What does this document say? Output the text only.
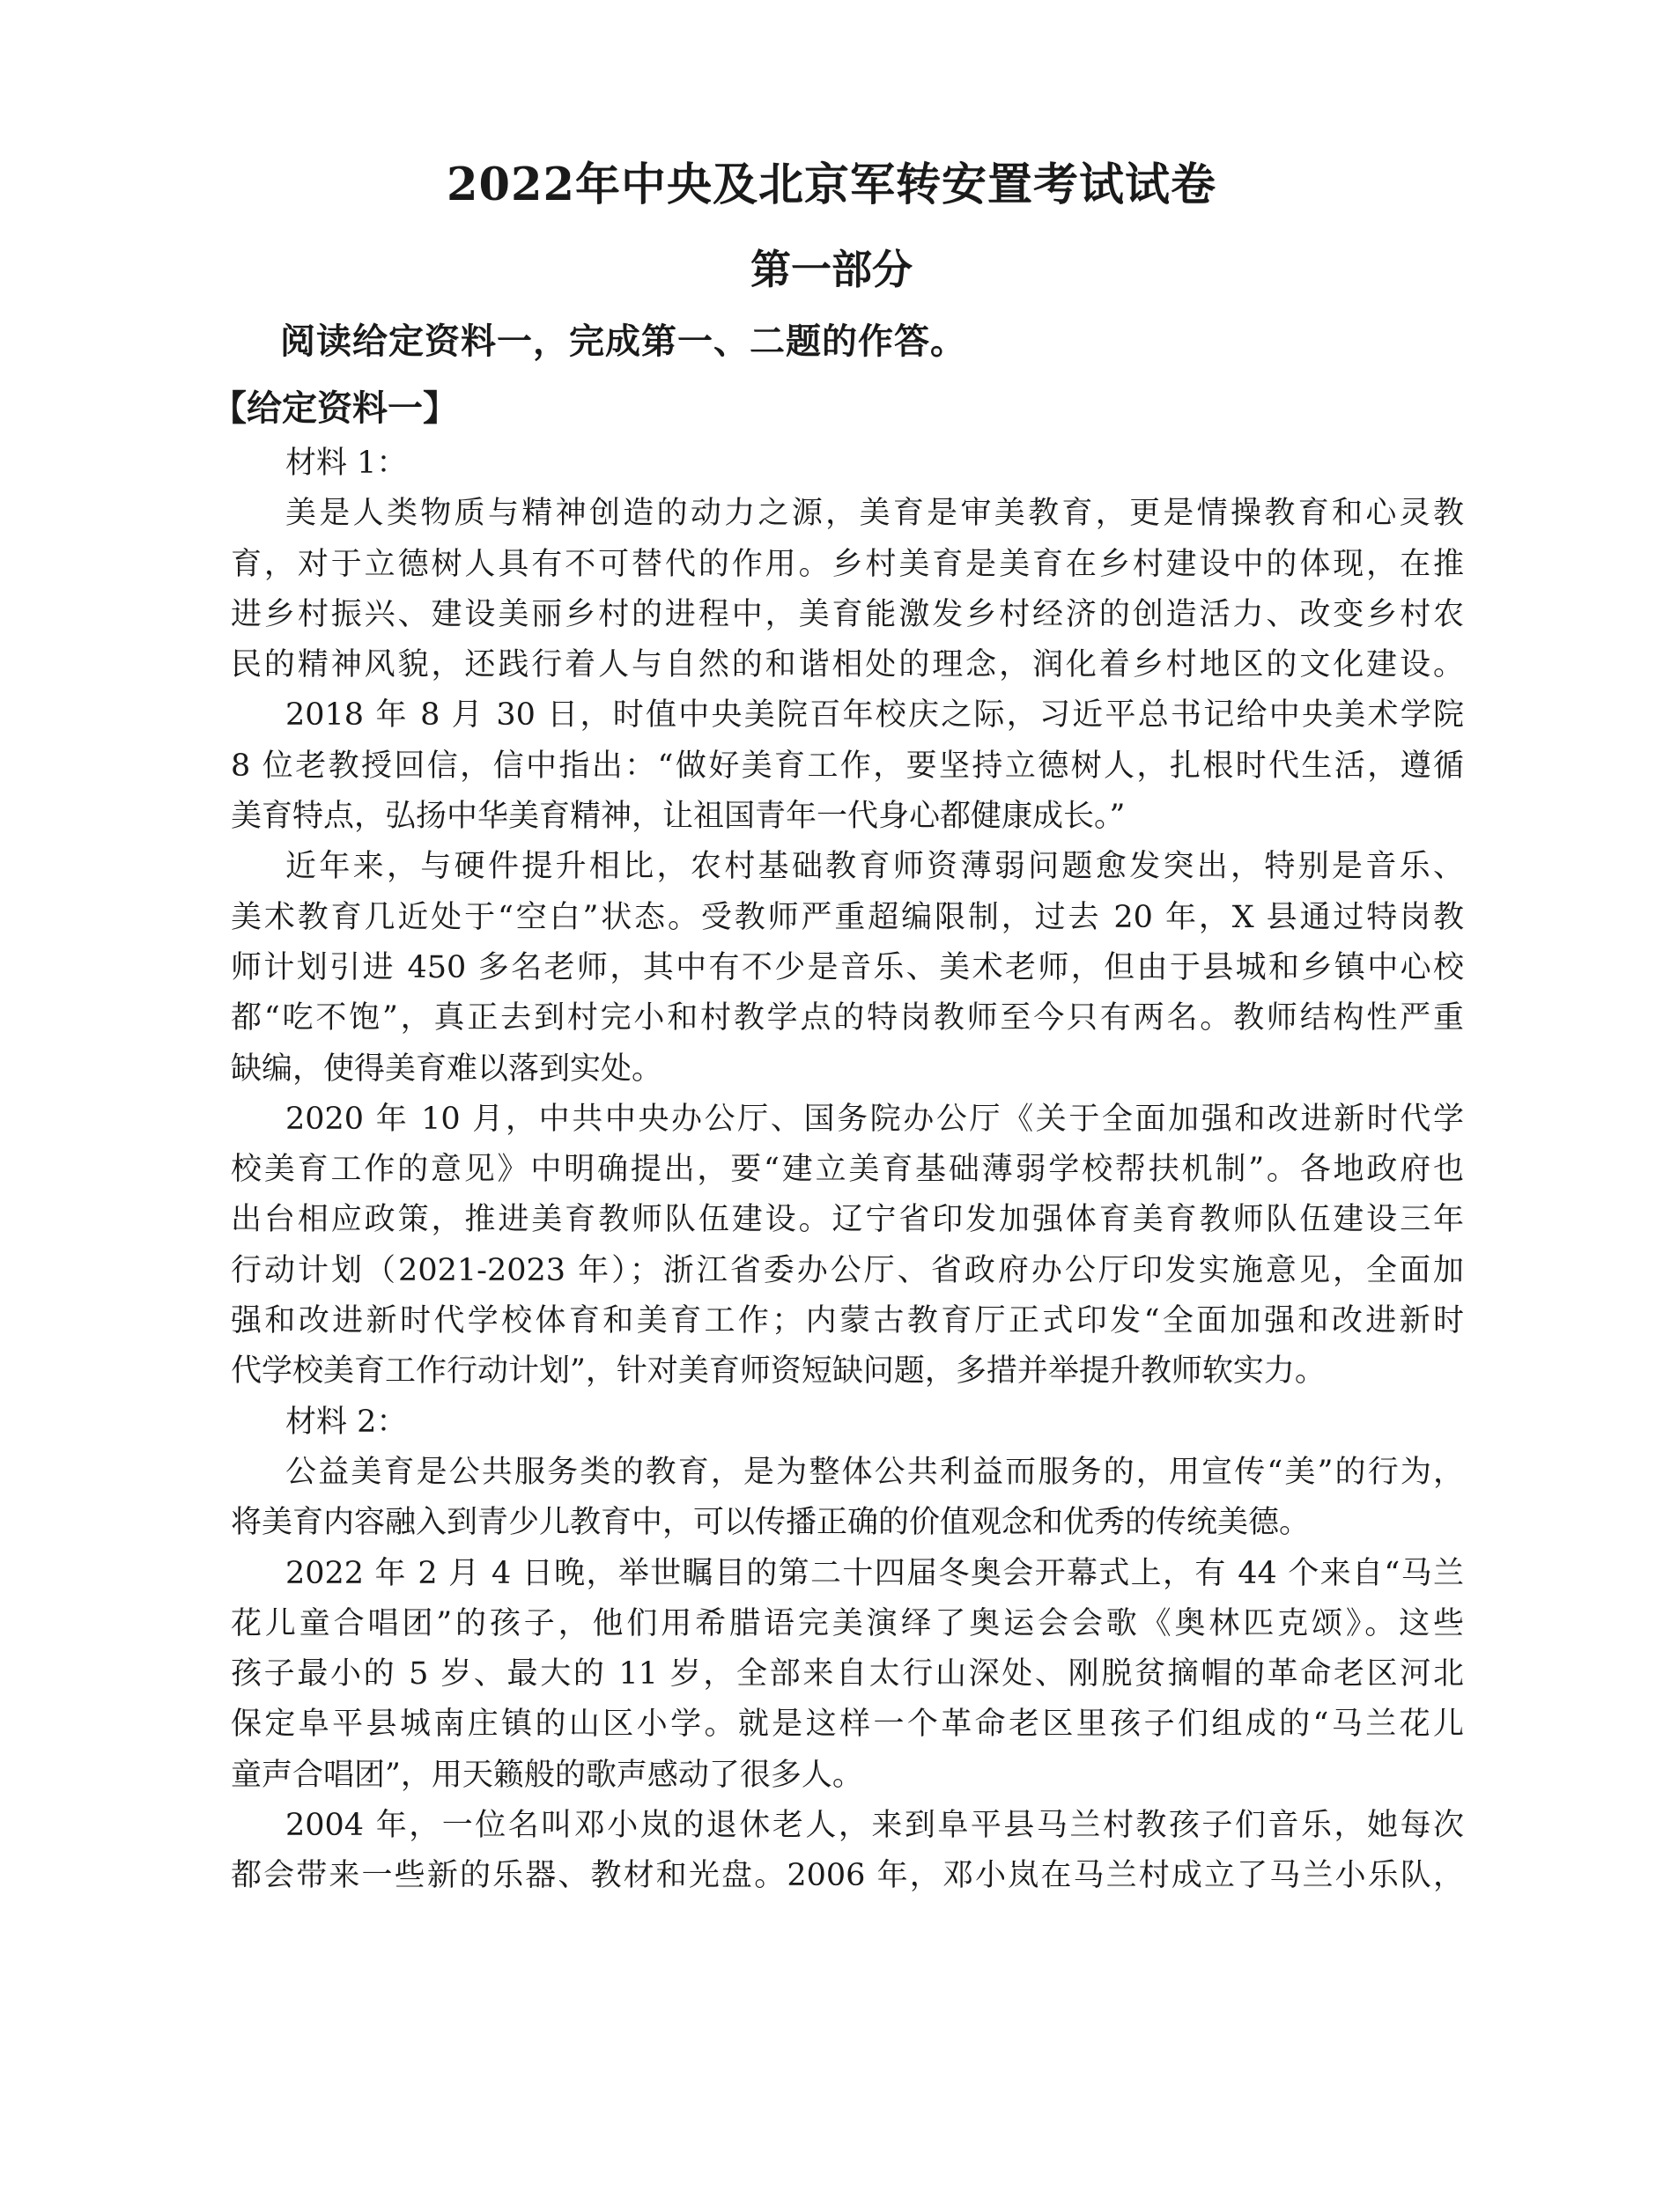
2022年中央及北京军转安置考试试卷
第一部分
阅读给定资料一，完成第一、二题的作答。
【给定资料一】
材料 1：
美是人类物质与精神创造的动力之源，美育是审美教育，更是情操教育和心灵教
育，对于立德树人具有不可替代的作用。乡村美育是美育在乡村建设中的体现，在推
进乡村振兴、建设美丽乡村的进程中，美育能激发乡村经济的创造活力、改变乡村农
民的精神风貌，还践行着人与自然的和谐相处的理念，润化着乡村地区的文化建设。
2018 年 8 月 30 日，时值中央美院百年校庆之际，习近平总书记给中央美术学院
8 位老教授回信，信中指出：“做好美育工作，要坚持立德树人，扎根时代生活，遵循
美育特点，弘扬中华美育精神，让祖国青年一代身心都健康成长。”
近年来，与硬件提升相比，农村基础教育师资薄弱问题愈发突出，特别是音乐、
美术教育几近处于“空白”状态。受教师严重超编限制，过去 20 年，X 县通过特岗教
师计划引进 450 多名老师，其中有不少是音乐、美术老师，但由于县城和乡镇中心校
都“吃不饱”，真正去到村完小和村教学点的特岗教师至今只有两名。教师结构性严重
缺编，使得美育难以落到实处。
2020 年 10 月，中共中央办公厅、国务院办公厅《关于全面加强和改进新时代学
校美育工作的意见》中明确提出，要“建立美育基础薄弱学校帮扶机制”。各地政府也
出台相应政策，推进美育教师队伍建设。辽宁省印发加强体育美育教师队伍建设三年
行动计划（2021-2023 年）；浙江省委办公厅、省政府办公厅印发实施意见，全面加
强和改进新时代学校体育和美育工作；内蒙古教育厅正式印发“全面加强和改进新时
代学校美育工作行动计划”，针对美育师资短缺问题，多措并举提升教师软实力。
材料 2：
公益美育是公共服务类的教育，是为整体公共利益而服务的，用宣传“美”的行为，
将美育内容融入到青少儿教育中，可以传播正确的价值观念和优秀的传统美德。
2022 年 2 月 4 日晚，举世瞩目的第二十四届冬奥会开幕式上，有 44 个来自“马兰
花儿童合唱团”的孩子，他们用希腊语完美演绎了奥运会会歌《奥林匹克颂》。这些
孩子最小的 5 岁、最大的 11 岁，全部来自太行山深处、刚脱贫摘帽的革命老区河北
保定阜平县城南庄镇的山区小学。就是这样一个革命老区里孩子们组成的“马兰花儿
童声合唱团”，用天籁般的歌声感动了很多人。
2004 年，一位名叫邓小岚的退休老人，来到阜平县马兰村教孩子们音乐，她每次
都会带来一些新的乐器、教材和光盘。2006 年，邓小岚在马兰村成立了马兰小乐队，
